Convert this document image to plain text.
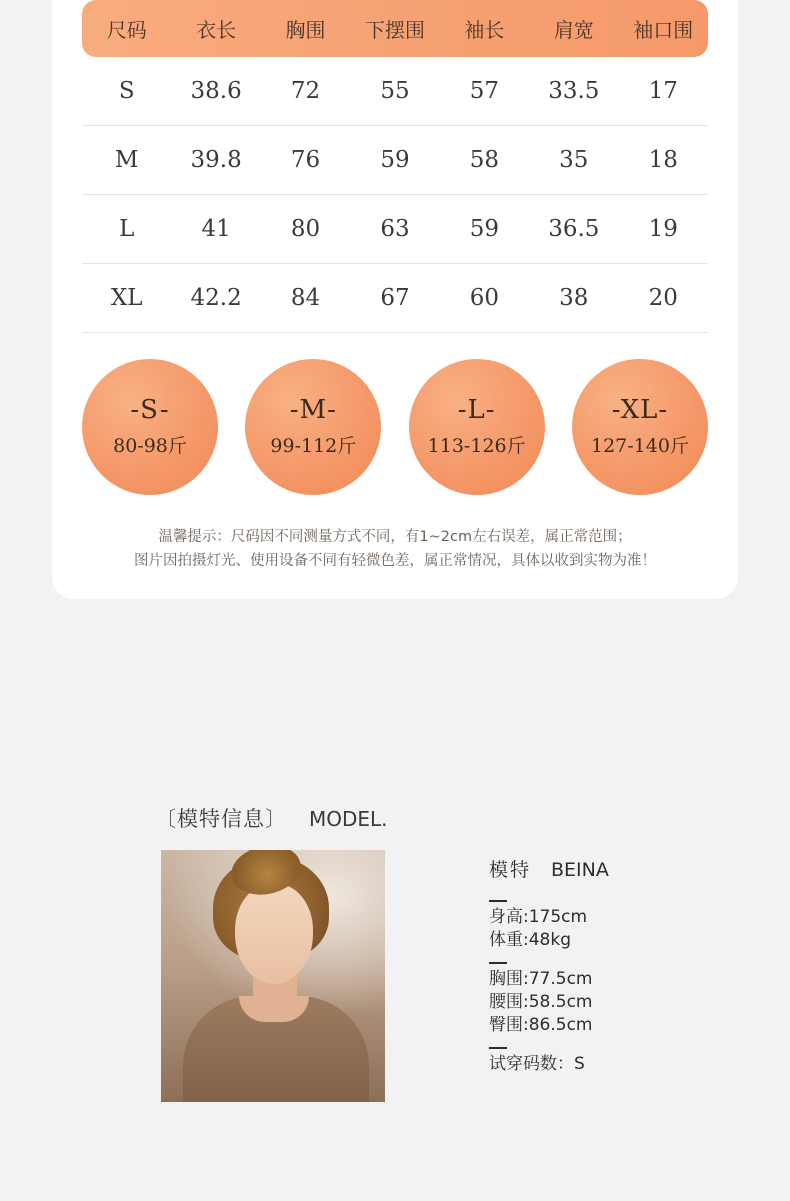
尺码	衣长	胸围	下摆围	袖长	肩宽	袖口围
S	38.6	72	55	57	33.5	17
M	39.8	76	59	58	35	18
L	41	80	63	59	36.5	19
XL	42.2	84	67	60	38	20
-S-
80-98斤
-M-
99-112斤
-L-
113-126斤
-XL-
127-140斤
温馨提示：尺码因不同测量方式不同，有1~2cm左右误差，属正常范围；
图片因拍摄灯光、使用设备不同有轻微色差，属正常情况，具体以收到实物为准！
〔模特信息〕 MODEL.
模特 BEINA
身高:175cm
体重:48kg
胸围:77.5cm
腰围:58.5cm
臀围:86.5cm
试穿码数：S
